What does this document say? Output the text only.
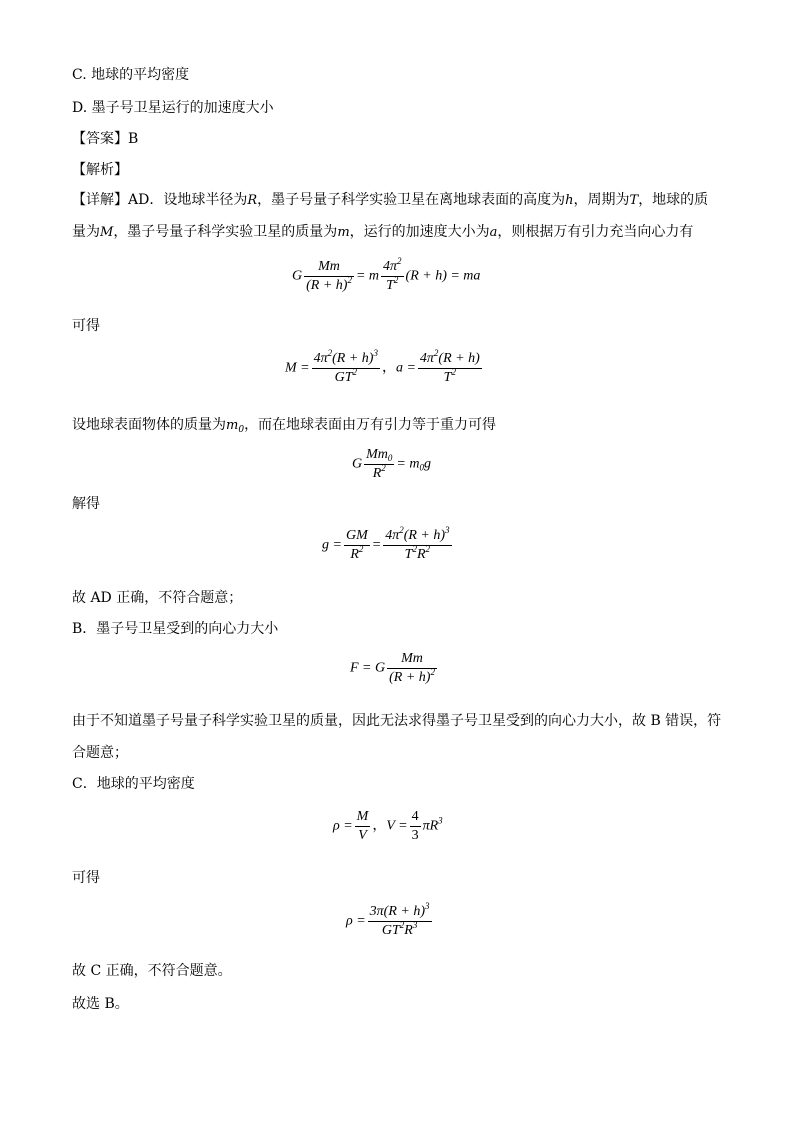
C. 地球的平均密度
D. 墨子号卫星运行的加速度大小
【答案】B
【解析】
【详解】AD．设地球半径为R，墨子号量子科学实验卫星在离地球表面的高度为h，周期为T，地球的质
量为M，墨子号量子科学实验卫星的质量为m，运行的加速度大小为a，则根据万有引力充当向心力有
G $\frac{Mm}{(R + h)^2} = m \frac{4\pi^2}{T^2} (R + h)$ = ma
可得
$M = \frac{4\pi^2(R + h)^3}{GT^2}$ ，$a = \frac{4\pi^2(R + h)}{T^2}$
设地球表面物体的质量为$m_0$，而在地球表面由万有引力等于重力可得
G $\frac{Mm_0}{R^2} = m_0g$
解得
$g = \frac{GM}{R^2} = \frac{4\pi^2(R + h)^3}{T^2R^2}$
故 AD 正确，不符合题意；
B．墨子号卫星受到的向心力大小
F = G $\frac{Mm}{(R + h)^2}$
由于不知道墨子号量子科学实验卫星的质量，因此无法求得墨子号卫星受到的向心力大小，故 B 错误，符合题意；
C．地球的平均密度
$\rho = \frac{M}{V}$ ，$V = \frac{4}{3} \pi R^3$
可得
$\rho = \frac{3\pi(R + h)^3}{GT^2R^3}$
故 C 正确，不符合题意。
故选 B。
